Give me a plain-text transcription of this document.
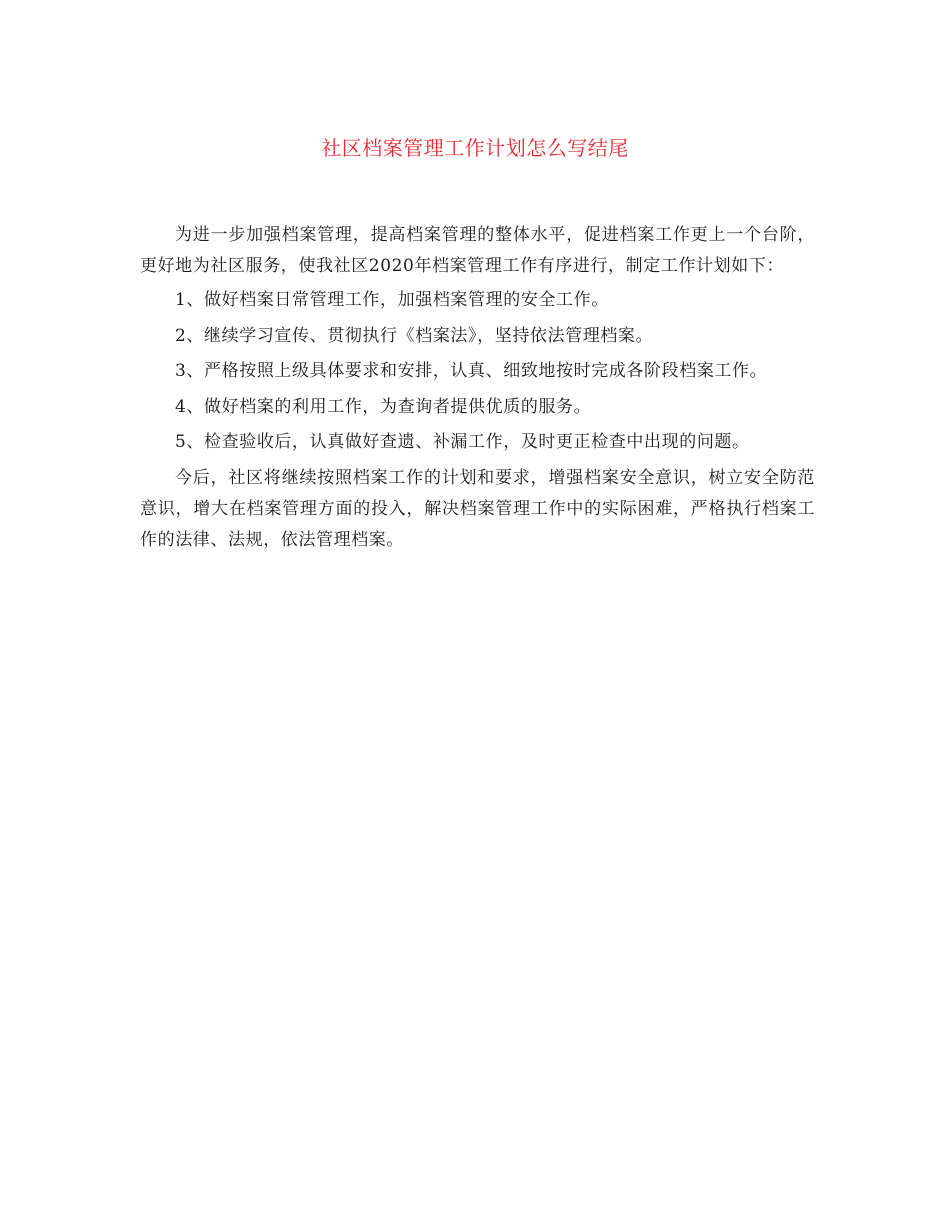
社区档案管理工作计划怎么写结尾

为进一步加强档案管理，提高档案管理的整体水平，促进档案工作更上一个台阶，更好地为社区服务，使我社区2020年档案管理工作有序进行，制定工作计划如下：

1、做好档案日常管理工作，加强档案管理的安全工作。

2、继续学习宣传、贯彻执行《档案法》，坚持依法管理档案。

3、严格按照上级具体要求和安排，认真、细致地按时完成各阶段档案工作。

4、做好档案的利用工作，为查询者提供优质的服务。

5、检查验收后，认真做好查遗、补漏工作，及时更正检查中出现的问题。

今后，社区将继续按照档案工作的计划和要求，增强档案安全意识，树立安全防范意识，增大在档案管理方面的投入，解决档案管理工作中的实际困难，严格执行档案工作的法律、法规，依法管理档案。
